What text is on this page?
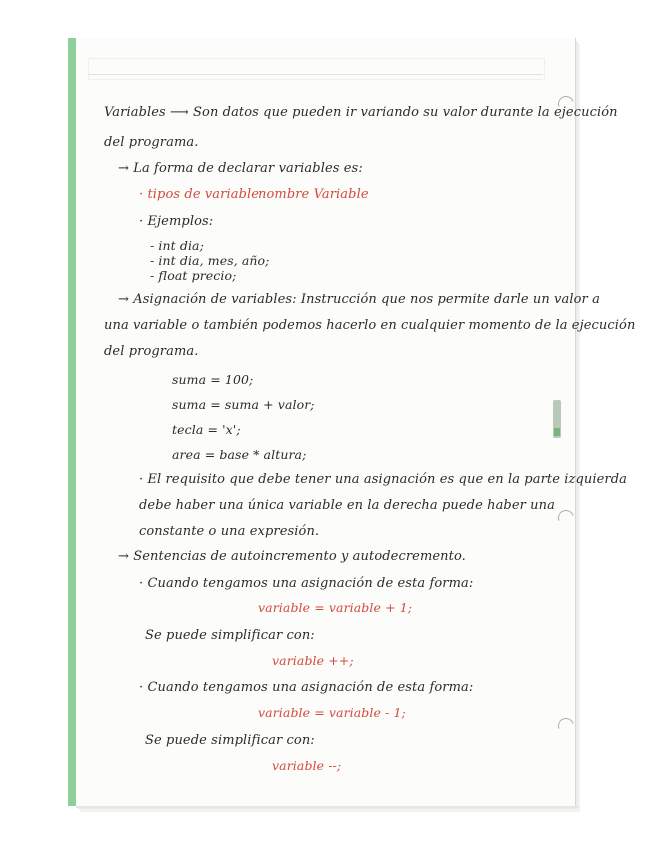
Variables ⟶ Son datos que pueden ir variando su valor durante la ejecución
del programa.
→ La forma de declarar variables es:
· tipos de variable
nombre Variable
· Ejemplos:
- int dia;
- int dia, mes, año;
- float precio;
→ Asignación de variables: Instrucción que nos permite darle un valor a
una variable o también podemos hacerlo en cualquier momento de la ejecución
del programa.
suma = 100;
suma = suma + valor;
tecla = 'x';
area = base * altura;
· El requisito que debe tener una asignación es que en la parte izquierda
debe haber una única variable en la derecha puede haber una
constante o una expresión.
→ Sentencias de autoincremento y autodecremento.
· Cuando tengamos una asignación de esta forma:
variable = variable + 1;
Se puede simplificar con:
variable ++;
· Cuando tengamos una asignación de esta forma:
variable = variable - 1;
Se puede simplificar con:
variable --;
